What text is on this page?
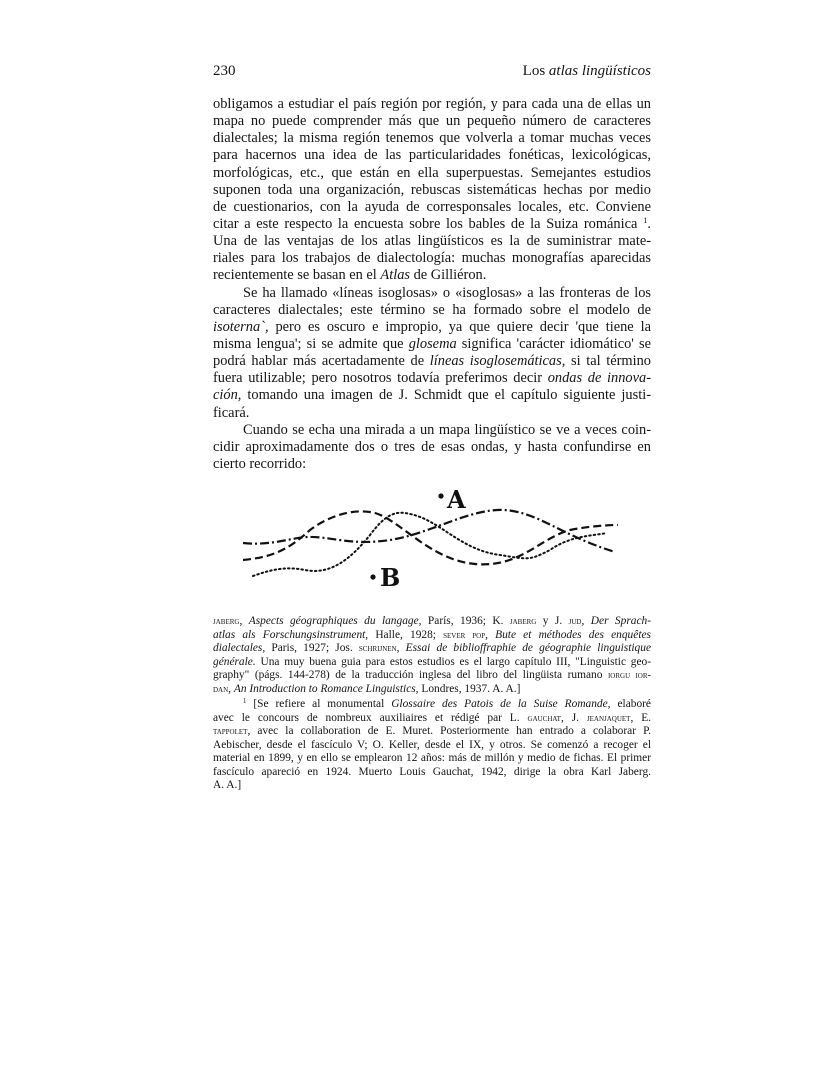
230	Los atlas lingüísticos
obligamos a estudiar el país región por región, y para cada una de ellas un
mapa no puede comprender más que un pequeño número de caracteres
dialectales; la misma región tenemos que volverla a tomar muchas veces
para hacernos una idea de las particularidades fonéticas, lexicológicas,
morfológicas, etc., que están en ella superpuestas. Semejantes estudios
suponen toda una organización, rebuscas sistemáticas hechas por medio
de cuestionarios, con la ayuda de corresponsales locales, etc. Conviene
citar a este respecto la encuesta sobre los bables de la Suiza románica $^1$.
Una de las ventajas de los atlas lingüísticos es la de suministrar mate-
riales para los trabajos de dialectología: muchas monografías aparecidas
recientemente se basan en el Atlas de Gilliéron.
Se ha llamado «líneas isoglosas» o «isoglosas» a las fronteras de los
caracteres dialectales; este término se ha formado sobre el modelo de
isoterna`, pero es oscuro e impropio, ya que quiere decir 'que tiene la
misma lengua'; si se admite que glosema significa 'carácter idiomático' se
podrá hablar más acertadamente de líneas isoglosemáticas, si tal término
fuera utilizable; pero nosotros todavía preferimos decir ondas de innova-
ción, tomando una imagen de J. Schmidt que el capítulo siguiente justi-
ficará.
Cuando se echa una mirada a un mapa lingüístico se ve a veces coin-
cidir aproximadamente dos o tres de esas ondas, y hasta confundirse en
cierto recorrido:
A
B
jaberg, Aspects géographiques du langage, París, 1936; K. jaberg y J. jud, Der Sprach-
atlas als Forschungsinstrument, Halle, 1928; sever pop, Bute et méthodes des enquêtes
dialectales, Paris, 1927; Jos. schrijnen, Essai de biblioffraphie de géographie linguistique
générale. Una muy buena guia para estos estudios es el largo capítulo III, "Linguistic geo-
graphy" (págs. 144-278) de la traducción inglesa del libro del lingüista rumano iorgu ior-
dan, An Introduction to Romance Linguistics, Londres, 1937. A. A.]
$^1$ [Se refiere al monumental Glossaire des Patois de la Suise Romande, elaboré
avec le concours de nombreux auxiliaires et rédigé par L. gauchat, J. jeanjaquet, E.
tappolet, avec la collaboration de E. Muret. Posteriormente han entrado a colaborar P.
Aebischer, desde el fascículo V; O. Keller, desde el IX, y otros. Se comenzó a recoger el
material en 1899, y en ello se emplearon 12 años: más de millón y medio de fichas. El primer
fascículo apareció en 1924. Muerto Louis Gauchat, 1942, dirige la obra Karl Jaberg.
A. A.]
